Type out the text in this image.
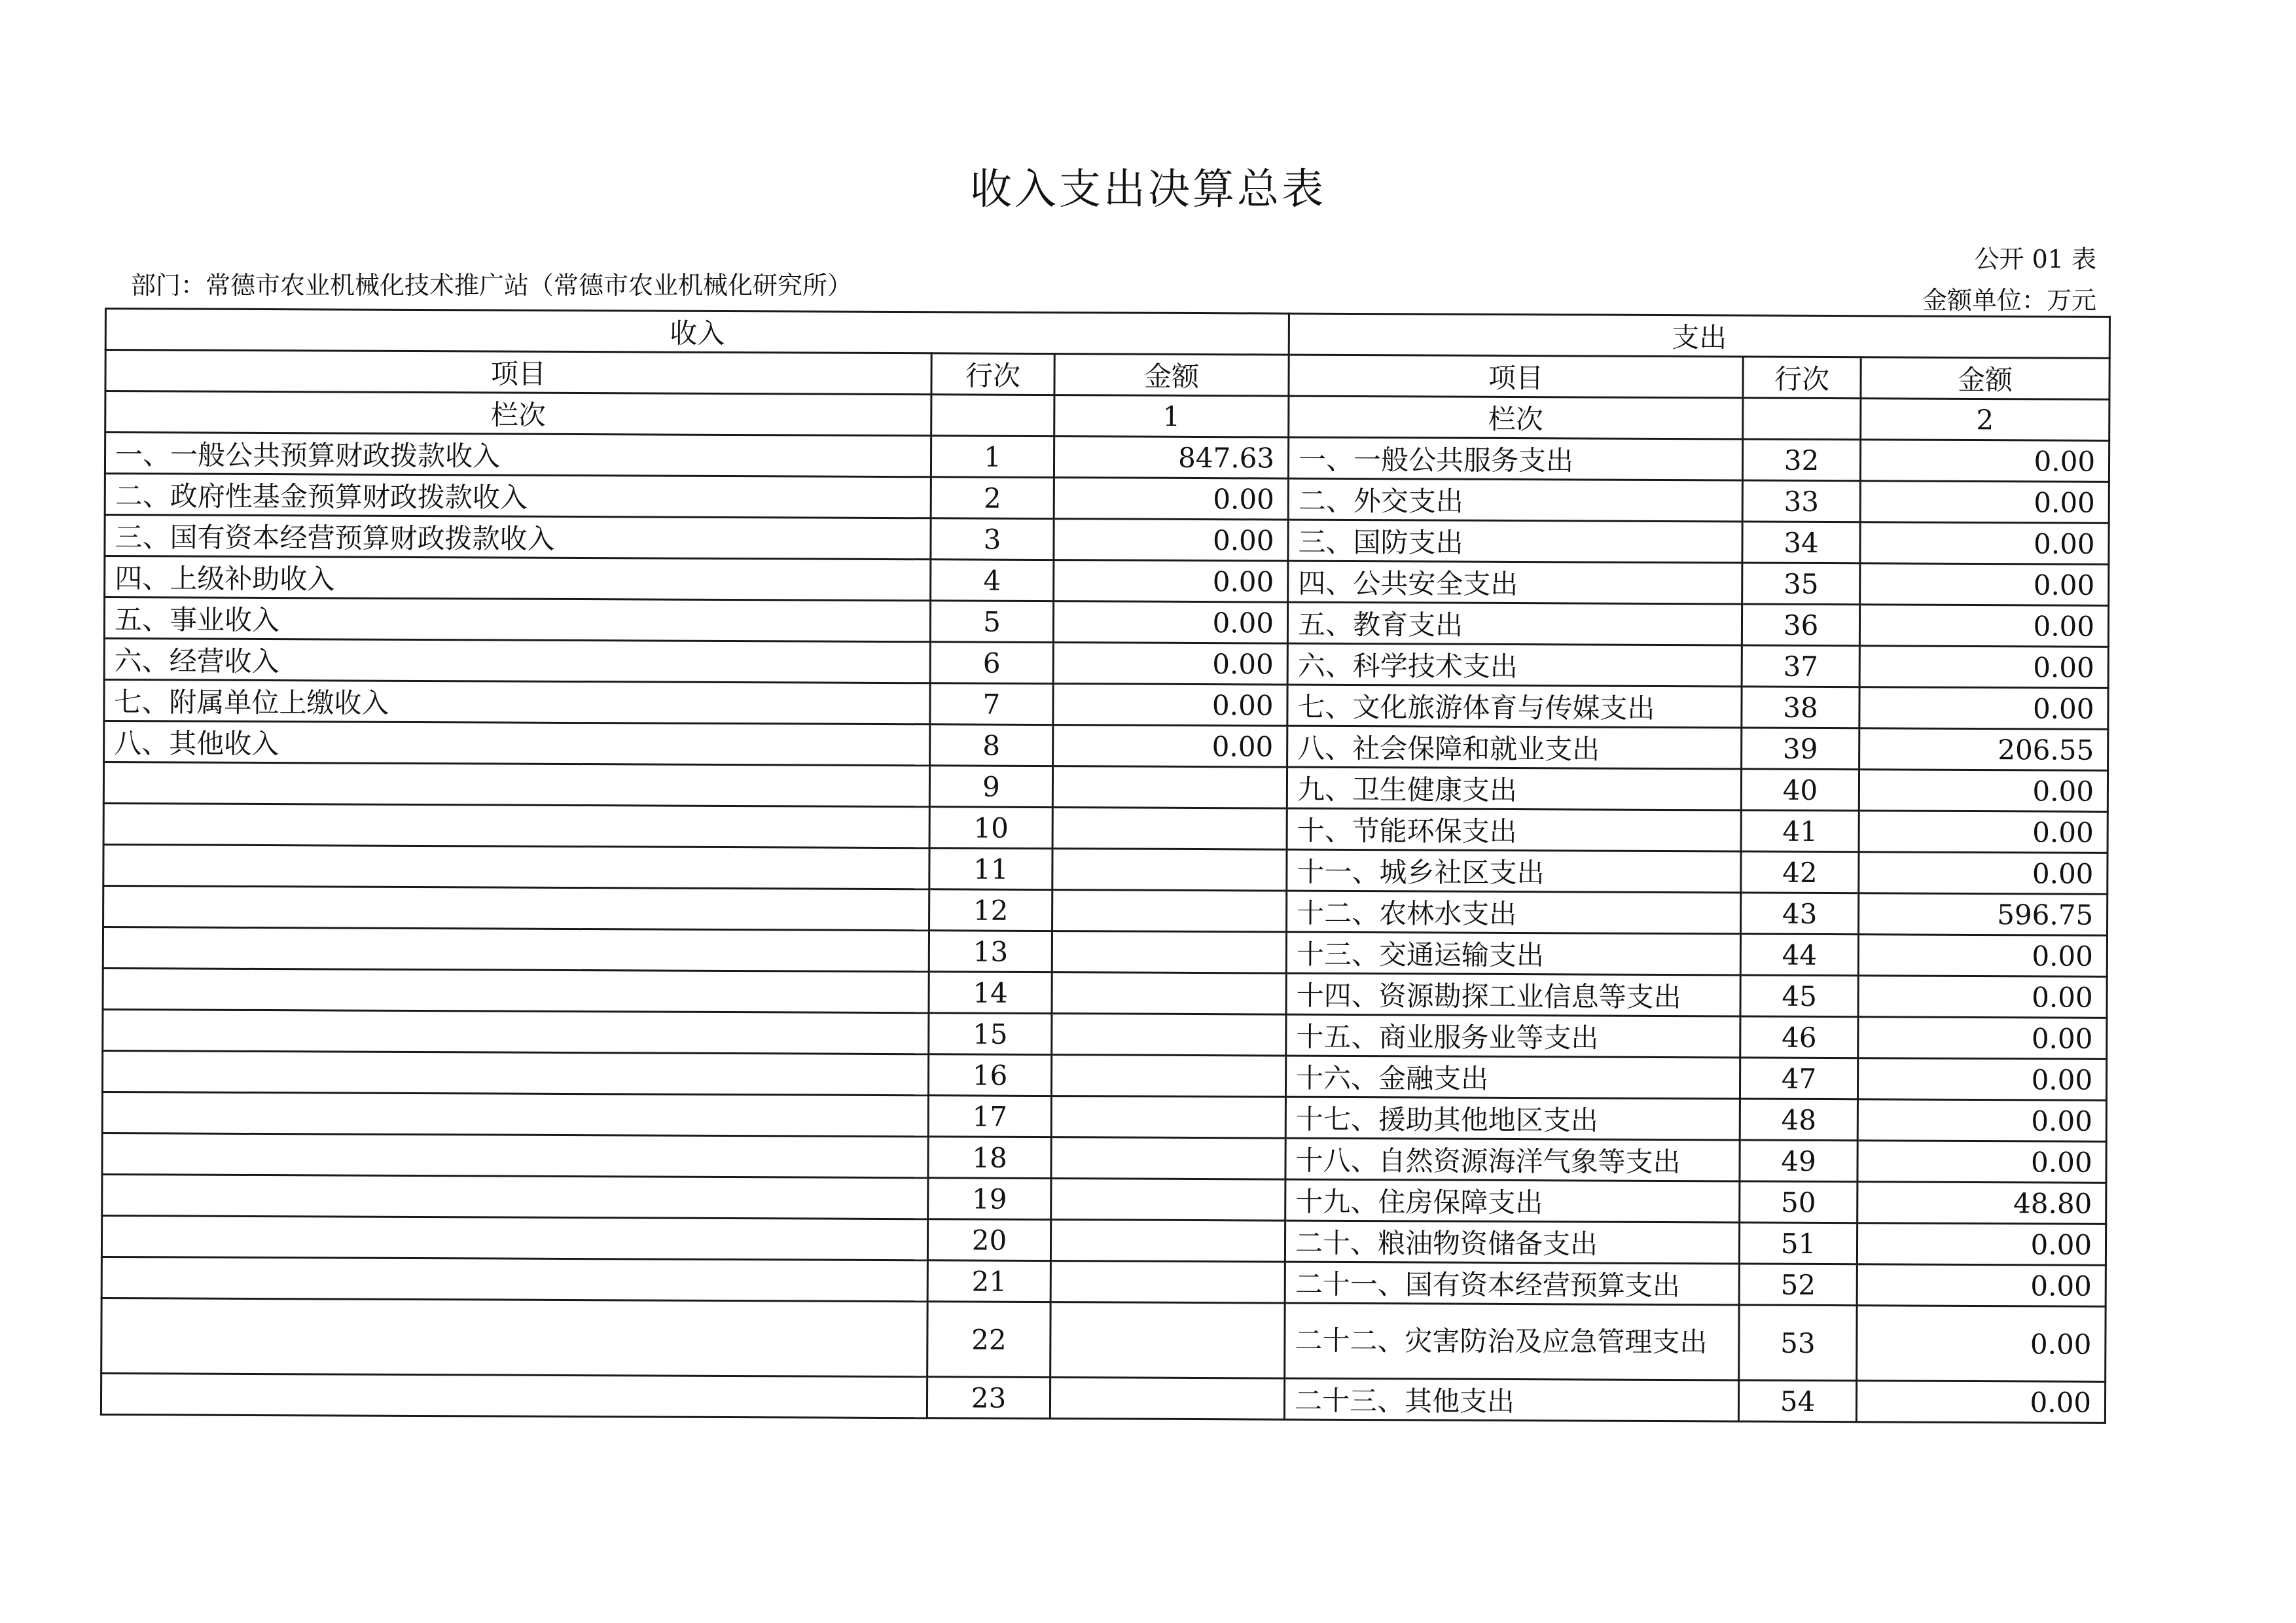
收入支出决算总表
公开 01 表
部门：常德市农业机械化技术推广站（常德市农业机械化研究所）
金额单位：万元
收入			支出		
项目	行次	金额	项目	行次	金额
栏次		1	栏次		2
一、一般公共预算财政拨款收入	1	847.63	一、一般公共服务支出	32	0.00
二、政府性基金预算财政拨款收入	2	0.00	二、外交支出	33	0.00
三、国有资本经营预算财政拨款收入	3	0.00	三、国防支出	34	0.00
四、上级补助收入	4	0.00	四、公共安全支出	35	0.00
五、事业收入	5	0.00	五、教育支出	36	0.00
六、经营收入	6	0.00	六、科学技术支出	37	0.00
七、附属单位上缴收入	7	0.00	七、文化旅游体育与传媒支出	38	0.00
八、其他收入	8	0.00	八、社会保障和就业支出	39	206.55
	9		九、卫生健康支出	40	0.00
	10		十、节能环保支出	41	0.00
	11		十一、城乡社区支出	42	0.00
	12		十二、农林水支出	43	596.75
	13		十三、交通运输支出	44	0.00
	14		十四、资源勘探工业信息等支出	45	0.00
	15		十五、商业服务业等支出	46	0.00
	16		十六、金融支出	47	0.00
	17		十七、援助其他地区支出	48	0.00
	18		十八、自然资源海洋气象等支出	49	0.00
	19		十九、住房保障支出	50	48.80
	20		二十、粮油物资储备支出	51	0.00
	21		二十一、国有资本经营预算支出	52	0.00
	22		二十二、灾害防治及应急管理支出	53	0.00
	23		二十三、其他支出	54	0.00
